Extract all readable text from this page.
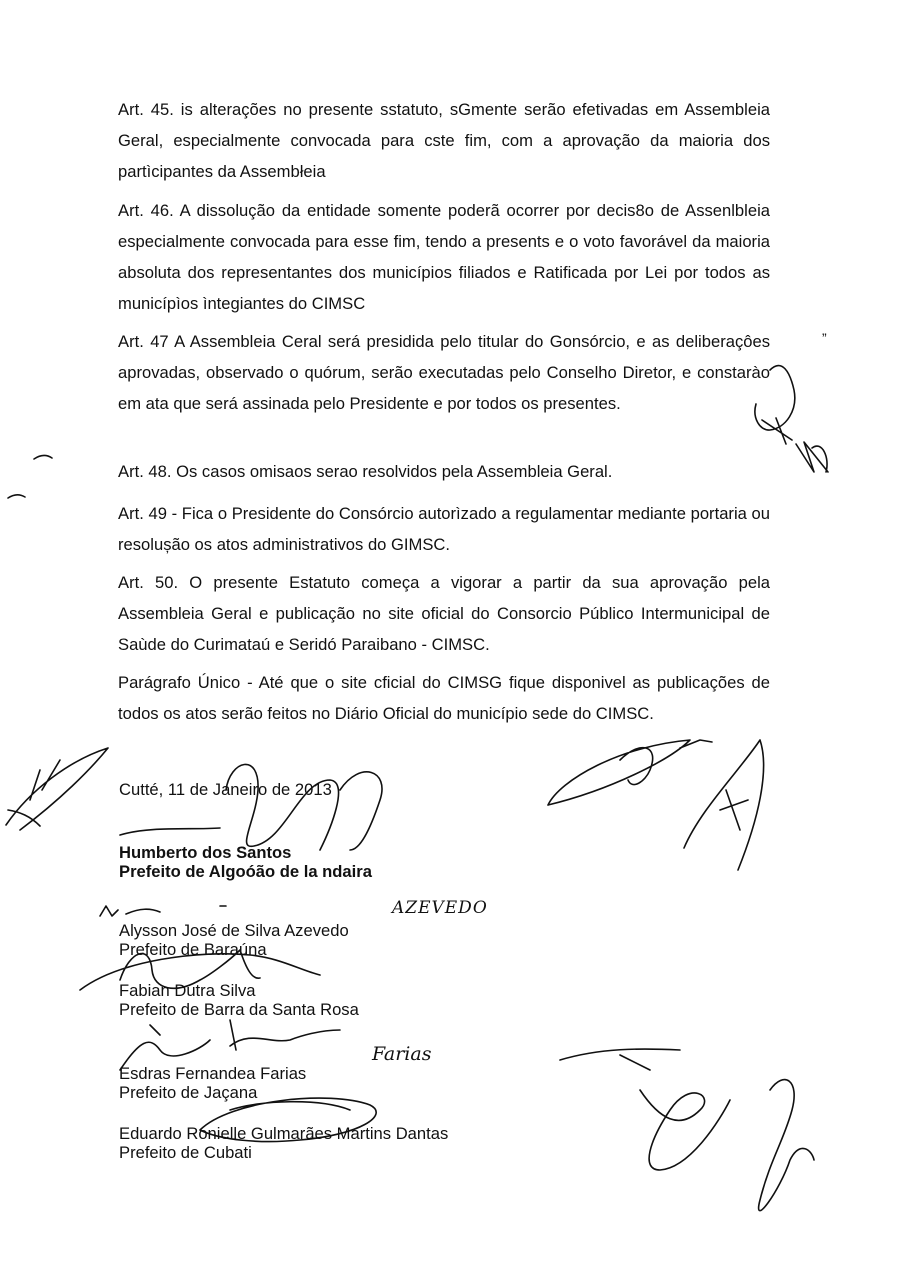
Art. 45. is alterações no presente sstatuto, sGmente serão efetivadas em Assembleia Geral, especialmente convocada para cste fim, com a aprovação da maioria dos partìcipantes da Assembłeia

Art. 46. A dissolução da entidade somente poderã ocorrer por decis8o de Assenlbleia especialmente convocada para esse fim, tendo a presents e o voto favorável da maioria absoluta dos representantes dos municípios filiados e Ratificada por Lei por todos as municípìos ìntegiantes do CIMSC

Art. 47 A Assembleia Ceral será presidida pelo titular do Gonsórcio, e as deliberaçôes aprovadas, observado o quórum, serão executadas pelo Conselho Diretor, e constarào em ata que será assinada pelo Presidente e por todos os presentes.

Art. 48. Os casos omisaos serao resolvidos pela Assembleia Geral.

Art. 49 - Fica o Presidente do Consórcio autorìzado a regulamentar mediante portaria ou resolușão os atos administrativos do GIMSC.

Art. 50. O presente Estatuto começa a vigorar a partir da sua aprovação pela Assembleia Geral e publicação no site oficial do Consorcio Público Intermunicipal de Saùde do Curimataú e Seridó Paraibano - CIMSC.

Parágrafo Único - Até que o site cficial do CIMSG fique disponivel as publicações de todos os atos serão feitos no Diário Oficial do município sede do CIMSC.

”
Cutté, 11 de Janeiro de 2013
Humberto dos Santos
Prefeito de Algoóão de la ndaira
Alysson José de Silva Azevedo
Prefeito de Baraúna
Fabian Dutra Silva
Prefeito de Barra da Santa Rosa
Esdras Fernandea Farias
Prefeito de Jaçana
Eduardo Ronielle Gulmarães Martins Dantas
Prefeito de Cubati
AZEVEDO
Farias
